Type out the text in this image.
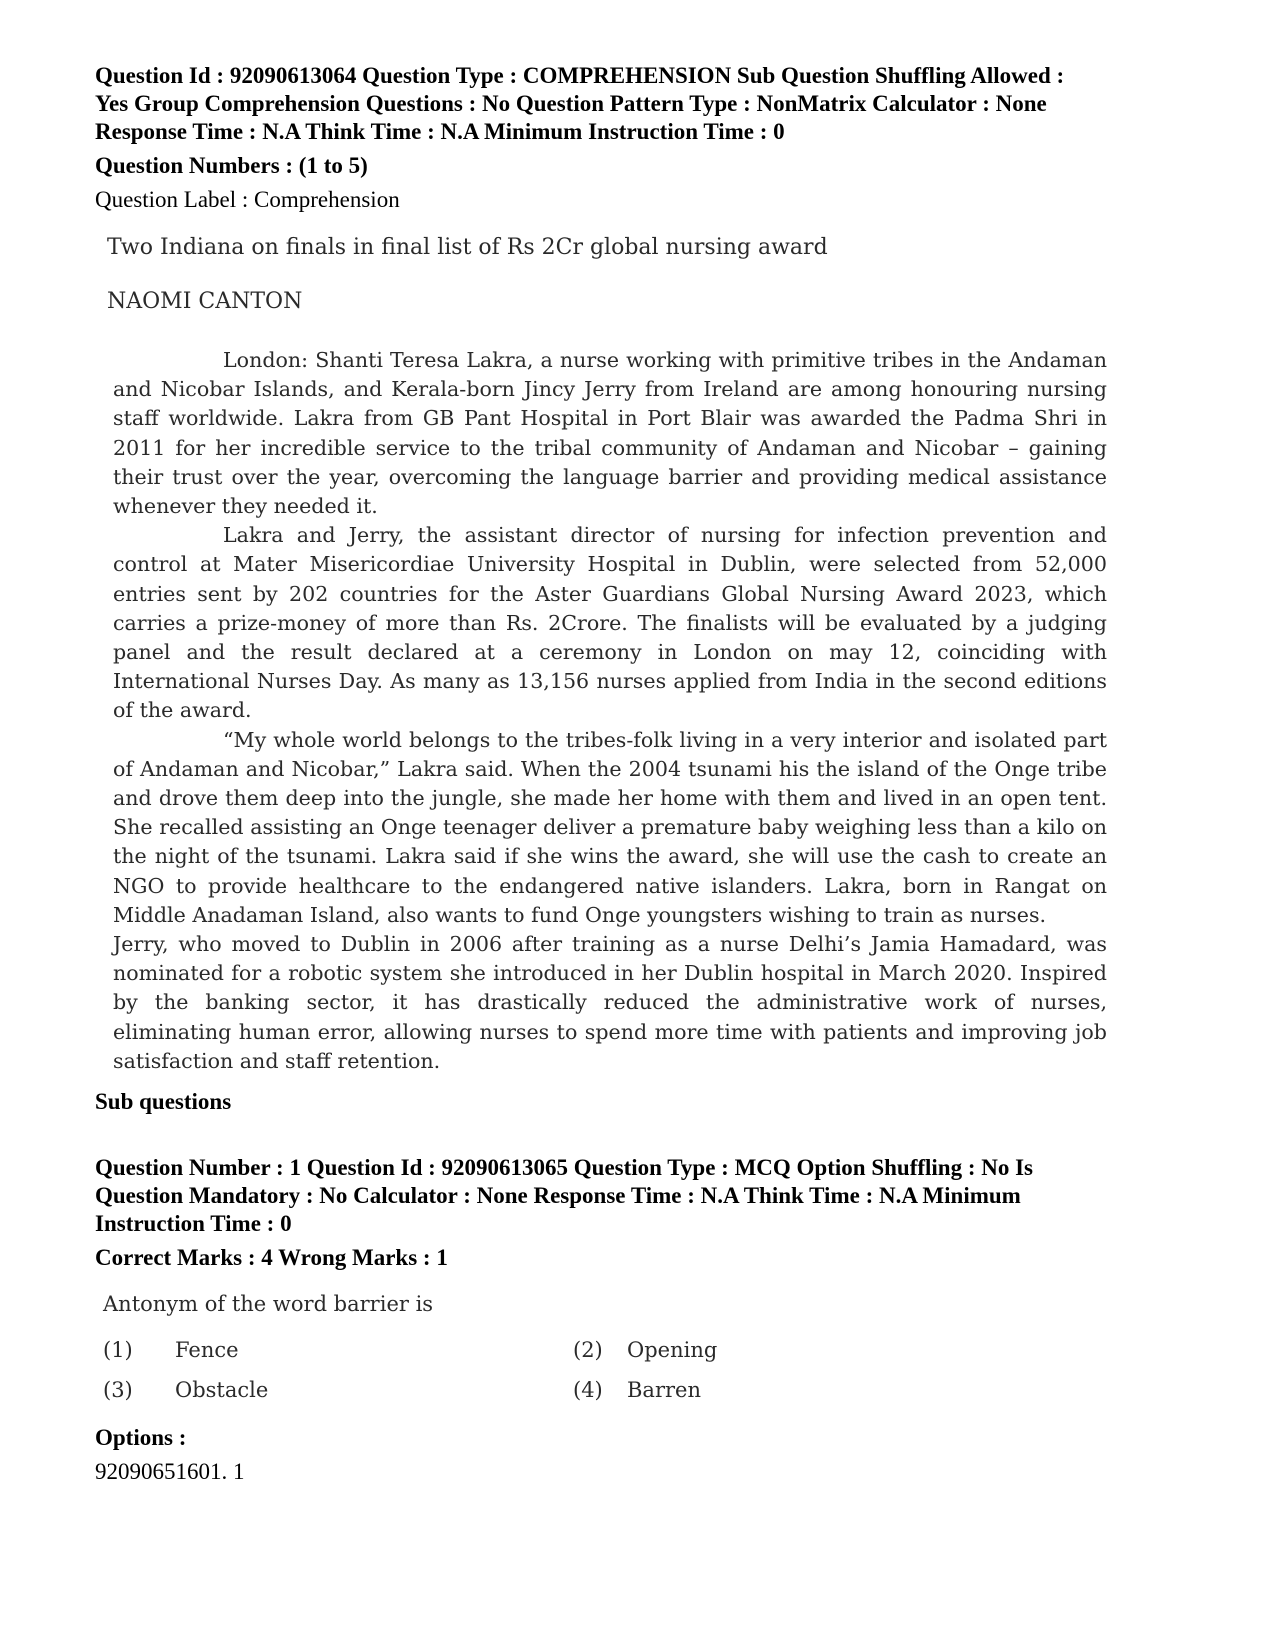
Question Id : 92090613064 Question Type : COMPREHENSION Sub Question Shuffling Allowed :

Yes Group Comprehension Questions : No Question Pattern Type : NonMatrix Calculator : None

Response Time : N.A Think Time : N.A Minimum Instruction Time : 0

Question Numbers : (1 to 5)

Question Label : Comprehension

Two Indiana on finals in final list of Rs 2Cr global nursing award

NAOMI CANTON

London: Shanti Teresa Lakra, a nurse working with primitive tribes in the Andaman and Nicobar Islands, and Kerala-born Jincy Jerry from Ireland are among honouring nursing staff worldwide. Lakra from GB Pant Hospital in Port Blair was awarded the Padma Shri in 2011 for her incredible service to the tribal community of Andaman and Nicobar – gaining their trust over the year, overcoming the language barrier and providing medical assistance whenever they needed it.

Lakra and Jerry, the assistant director of nursing for infection prevention and control at Mater Misericordiae University Hospital in Dublin, were selected from 52,000 entries sent by 202 countries for the Aster Guardians Global Nursing Award 2023, which carries a prize-money of more than Rs. 2Crore. The finalists will be evaluated by a judging panel and the result declared at a ceremony in London on may 12, coinciding with International Nurses Day. As many as 13,156 nurses applied from India in the second editions of the award.

“My whole world belongs to the tribes-folk living in a very interior and isolated part of Andaman and Nicobar,” Lakra said. When the 2004 tsunami his the island of the Onge tribe and drove them deep into the jungle, she made her home with them and lived in an open tent. She recalled assisting an Onge teenager deliver a premature baby weighing less than a kilo on the night of the tsunami. Lakra said if she wins the award, she will use the cash to create an NGO to provide healthcare to the endangered native islanders. Lakra, born in Rangat on Middle Anadaman Island, also wants to fund Onge youngsters wishing to train as nurses.

Jerry, who moved to Dublin in 2006 after training as a nurse Delhi’s Jamia Hamadard, was nominated for a robotic system she introduced in her Dublin hospital in March 2020. Inspired by the banking sector, it has drastically reduced the administrative work of nurses, eliminating human error, allowing nurses to spend more time with patients and improving job satisfaction and staff retention.

Sub questions

Question Number : 1 Question Id : 92090613065 Question Type : MCQ Option Shuffling : No Is

Question Mandatory : No Calculator : None Response Time : N.A Think Time : N.A Minimum

Instruction Time : 0

Correct Marks : 4 Wrong Marks : 1

Antonym of the word barrier is

(1)	Fence	(2)	Opening
(3)	Obstacle	(4)	Barren

Options :

92090651601. 1
